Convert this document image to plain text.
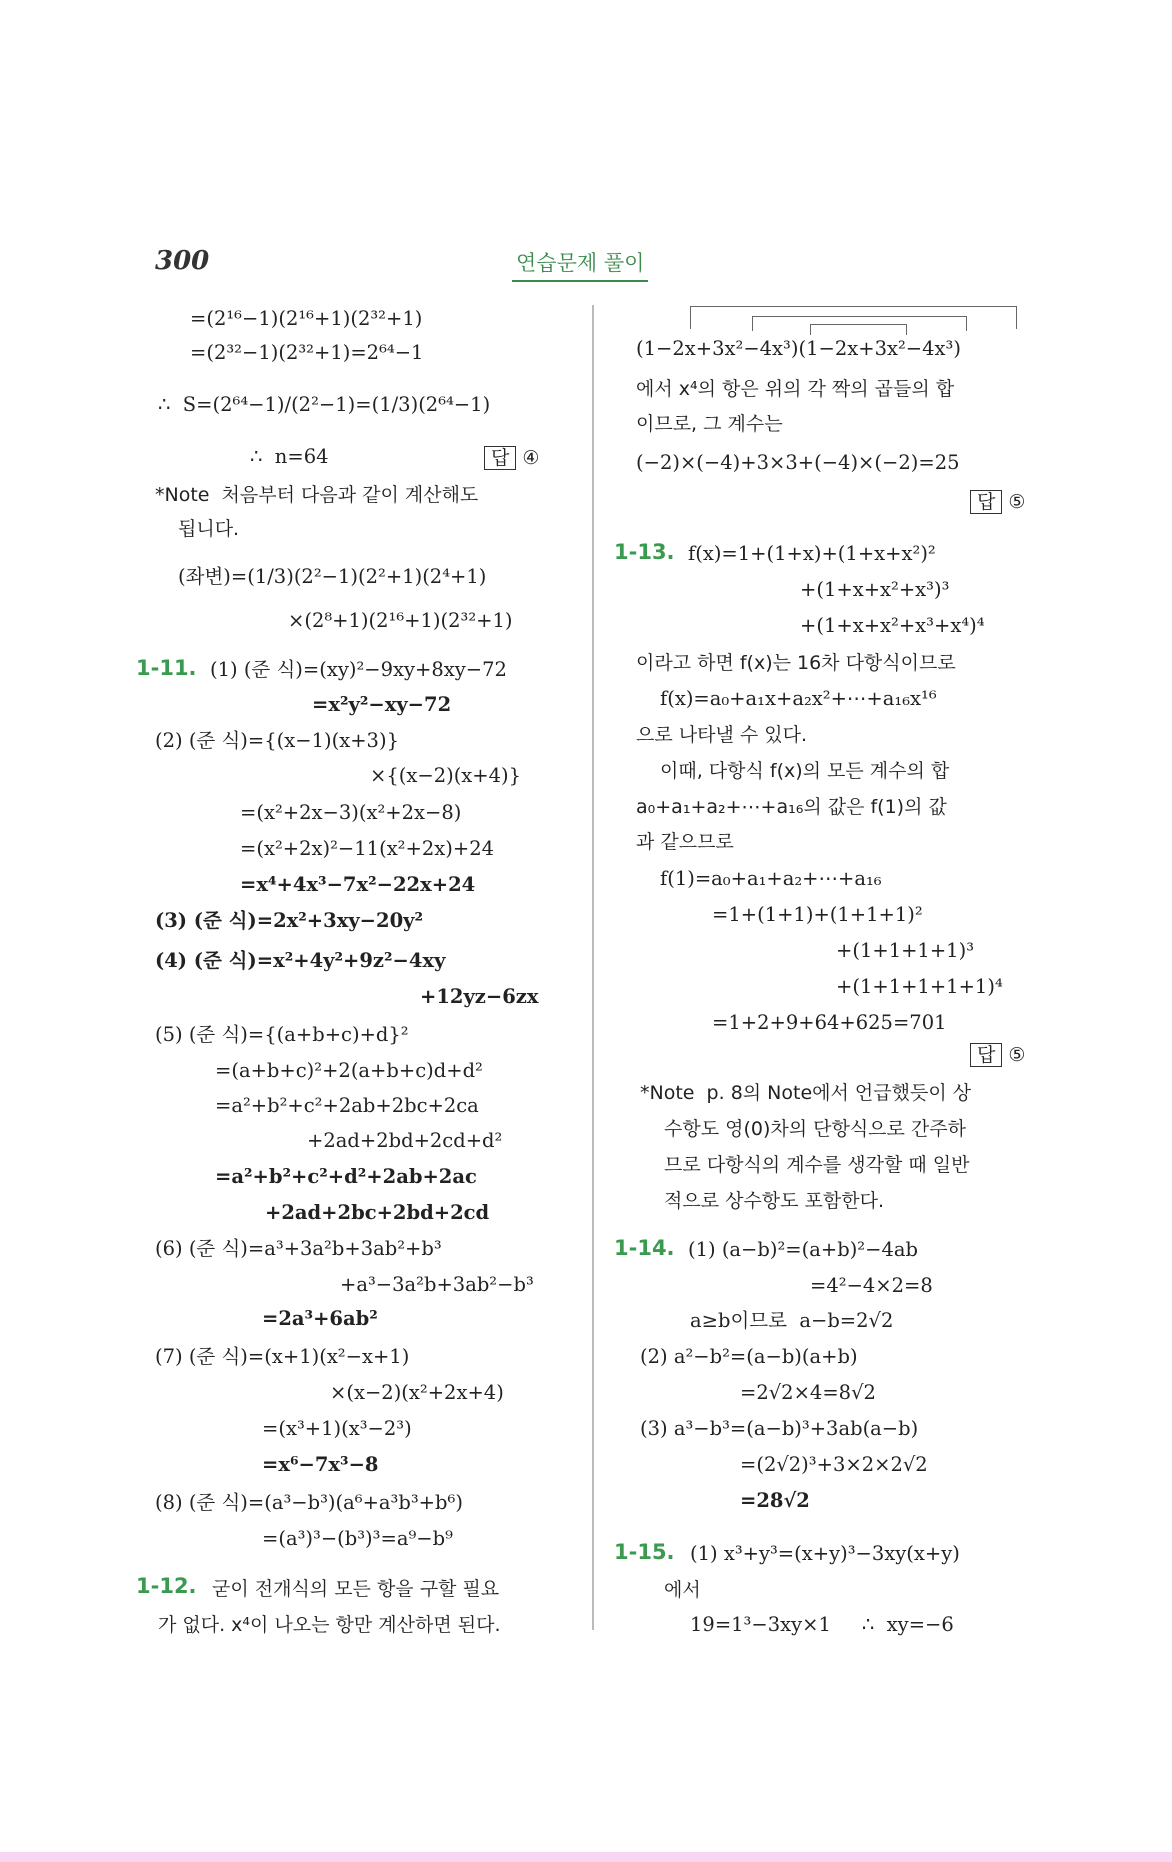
300	연습문제 풀이
=(2¹⁶−1)(2¹⁶+1)(2³²+1)
=(2³²−1)(2³²+1)=2⁶⁴−1
∴  S=(2⁶⁴−1)/(2²−1)=(1/3)(2⁶⁴−1)
∴  n=64	답 ④
*Note  처음부터 다음과 같이 계산해도
됩니다.
(좌변)=(1/3)(2²−1)(2²+1)(2⁴+1)
×(2⁸+1)(2¹⁶+1)(2³²+1)
1-11. (1) (준 식)=(xy)²−9xy+8xy−72
=x²y²−xy−72
(2) (준 식)={(x−1)(x+3)}
×{(x−2)(x+4)}
=(x²+2x−3)(x²+2x−8)
=(x²+2x)²−11(x²+2x)+24
=x⁴+4x³−7x²−22x+24
(3) (준 식)=2x²+3xy−20y²
(4) (준 식)=x²+4y²+9z²−4xy
+12yz−6zx
(5) (준 식)={(a+b+c)+d}²
=(a+b+c)²+2(a+b+c)d+d²
=a²+b²+c²+2ab+2bc+2ca
+2ad+2bd+2cd+d²
=a²+b²+c²+d²+2ab+2ac
+2ad+2bc+2bd+2cd
(6) (준 식)=a³+3a²b+3ab²+b³
+a³−3a²b+3ab²−b³
=2a³+6ab²
(7) (준 식)=(x+1)(x²−x+1)
×(x−2)(x²+2x+4)
=(x³+1)(x³−2³)
=x⁶−7x³−8
(8) (준 식)=(a³−b³)(a⁶+a³b³+b⁶)
=(a³)³−(b³)³=a⁹−b⁹
1-12. 굳이 전개식의 모든 항을 구할 필요
가 없다. x⁴이 나오는 항만 계산하면 된다.
(1−2x+3x²−4x³)(1−2x+3x²−4x³)
에서 x⁴의 항은 위의 각 짝의 곱들의 합
이므로, 그 계수는
(−2)×(−4)+3×3+(−4)×(−2)=25
답 ⑤
1-13. f(x)=1+(1+x)+(1+x+x²)²
+(1+x+x²+x³)³
+(1+x+x²+x³+x⁴)⁴
이라고 하면 f(x)는 16차 다항식이므로
f(x)=a₀+a₁x+a₂x²+⋯+a₁₆x¹⁶
으로 나타낼 수 있다.
이때, 다항식 f(x)의 모든 계수의 합
a₀+a₁+a₂+⋯+a₁₆의 값은 f(1)의 값
과 같으므로
f(1)=a₀+a₁+a₂+⋯+a₁₆
=1+(1+1)+(1+1+1)²
+(1+1+1+1)³
+(1+1+1+1+1)⁴
=1+2+9+64+625=701
답 ⑤
*Note  p. 8의 Note에서 언급했듯이 상
수항도 영(0)차의 단항식으로 간주하
므로 다항식의 계수를 생각할 때 일반
적으로 상수항도 포함한다.
1-14. (1) (a−b)²=(a+b)²−4ab
=4²−4×2=8
a≥b이므로  a−b=2√2
(2) a²−b²=(a−b)(a+b)
=2√2×4=8√2
(3) a³−b³=(a−b)³+3ab(a−b)
=(2√2)³+3×2×2√2
=28√2
1-15. (1) x³+y³=(x+y)³−3xy(x+y)
에서
19=1³−3xy×1     ∴  xy=−6
